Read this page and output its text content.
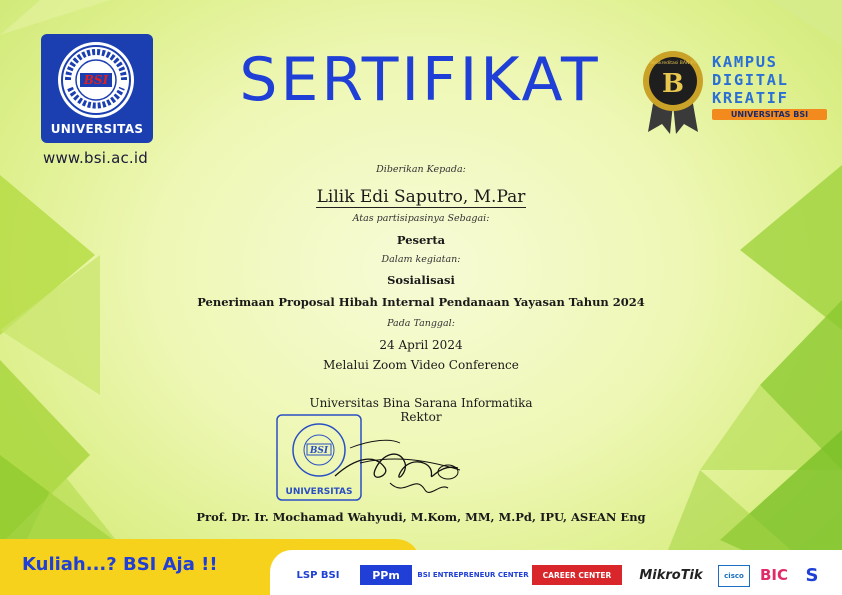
BSI
UNIVERSITAS
www.bsi.ac.id
SERTIFIKAT	Terakreditasi BAN-PT
B
KAMPUS
DIGITAL
KREATIF
UNIVERSITAS BSI
Diberikan Kepada:
Lilik Edi Saputro, M.Par
Atas partisipasinya Sebagai:
Peserta
Dalam kegiatan:
Sosialisasi
Penerimaan Proposal Hibah Internal Pendanaan Yayasan Tahun 2024
Pada Tanggal:
24 April 2024
Melalui Zoom Video Conference
Universitas Bina Sarana Informatika
Rektor
BSI
UNIVERSITAS
Prof. Dr. Ir. Mochamad Wahyudi, M.Kom, MM, M.Pd, IPU, ASEAN Eng
Kuliah...? BSI Aja !!	LSP BSI	PPm	BSI ENTREPRENEUR CENTER CAREER CENTER MikroTik	cisco BIC S
